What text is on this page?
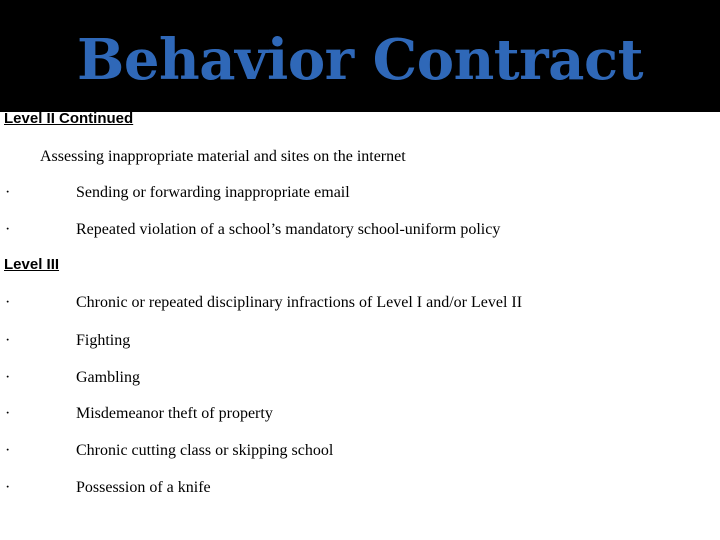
Behavior Contract
Level II Continued
Assessing inappropriate material and sites on the internet
·	Sending or forwarding inappropriate email
·	Repeated violation of a school’s mandatory school-uniform policy
Level III
·	Chronic or repeated disciplinary infractions of Level I and/or Level II
·	Fighting
·	Gambling
·	Misdemeanor theft of property
·	Chronic cutting class or skipping school
·	Possession of a knife
